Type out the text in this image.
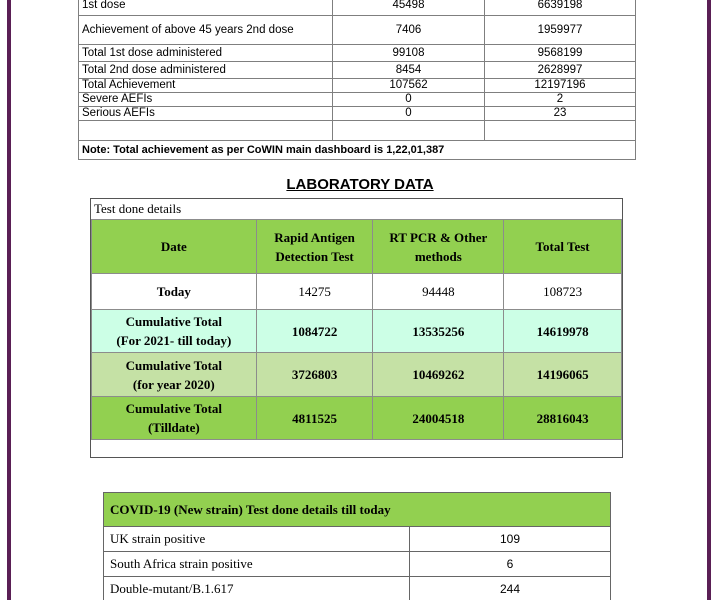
1st dose	45498	6639198
Achievement of above 45 years 2nd dose	7406	1959977
Total 1st dose administered	99108	9568199
Total 2nd dose administered	8454	2628997
Total Achievement	107562	12197196
Severe AEFIs	0	2
Serious AEFIs	0	23

Note: Total achievement as per CoWIN main dashboard is 1,22,01,387		
LABORATORY DATA
Test done details
Date	Rapid Antigen Detection Test	RT PCR & Other methods	Total Test
Today	14275	94448	108723

Cumulative Total
(For 2021- till today)	1084722	13535256	14619978

Cumulative Total
(for year 2020)	3726803	10469262	14196065

Cumulative Total
(Tilldate)	4811525	24004518	28816043
COVID-19 (New strain) Test done details till today	
UK strain positive	109
South Africa strain positive	6
Double-mutant/B.1.617	244
